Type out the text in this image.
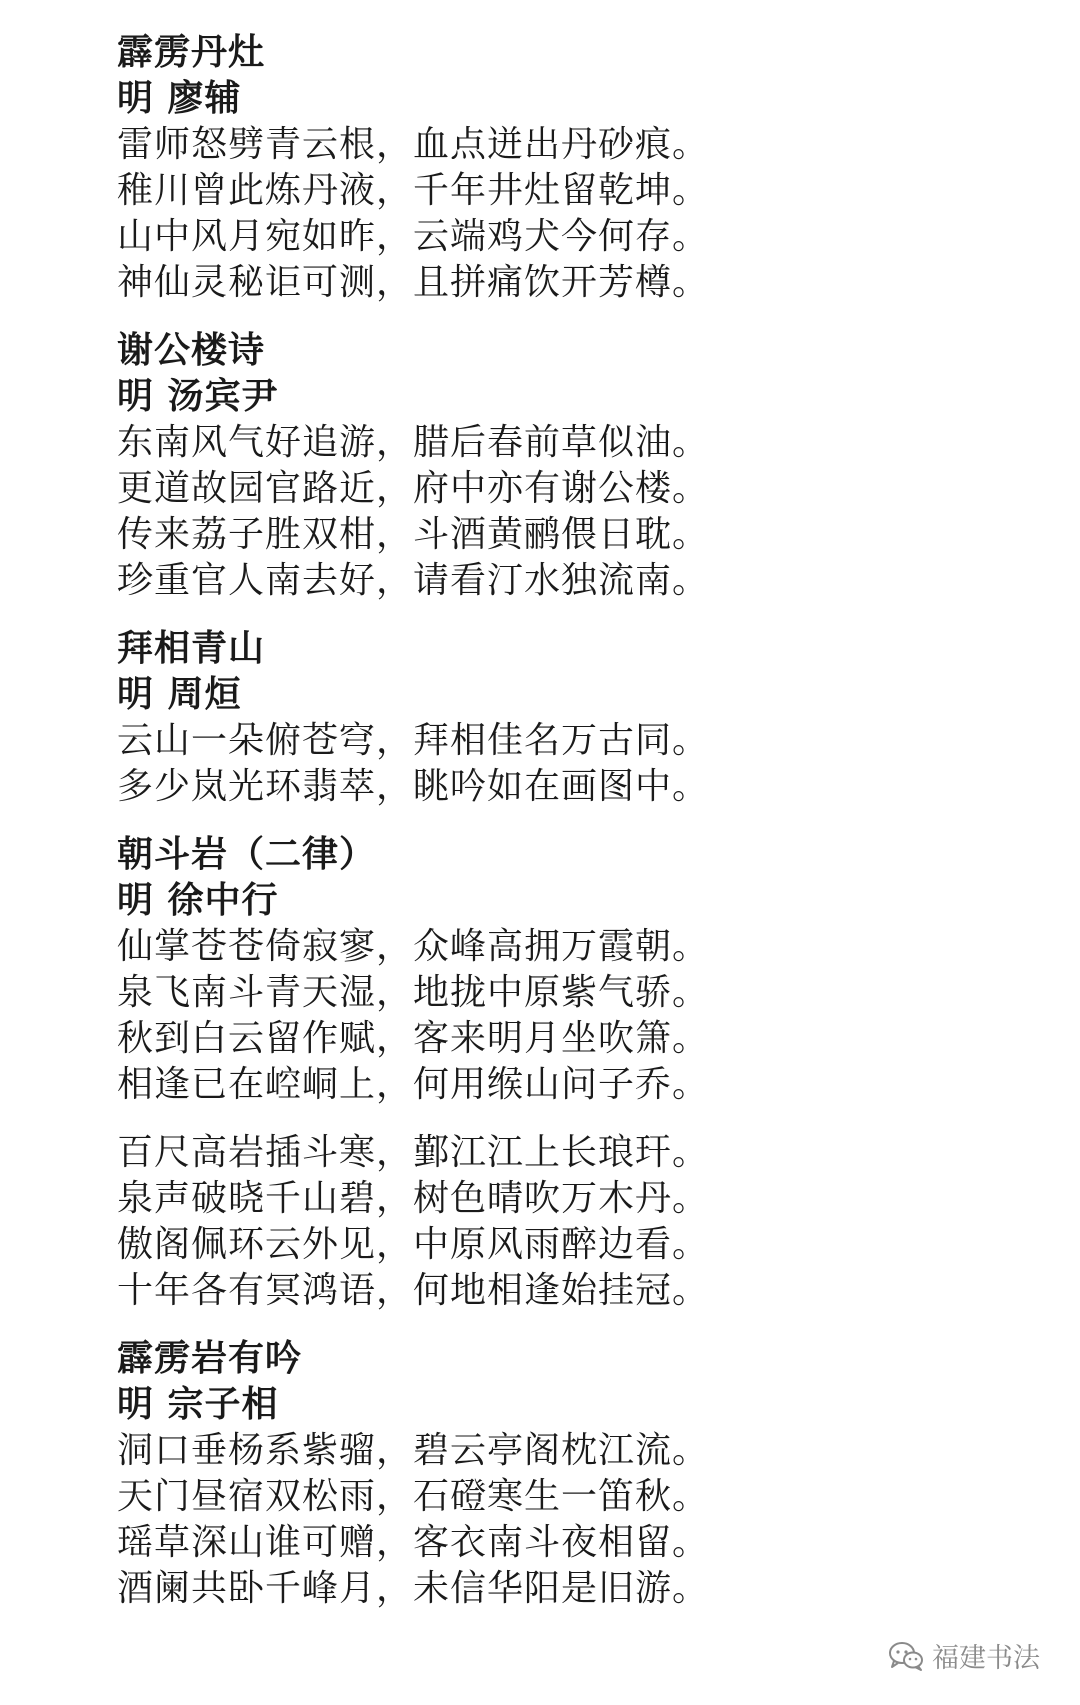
霹雳丹灶
明 廖辅
雷师怒劈青云根，血点迸出丹砂痕。
稚川曾此炼丹液，千年井灶留乾坤。
山中风月宛如昨，云端鸡犬今何存。
神仙灵秘讵可测，且拼痛饮开芳樽。
谢公楼诗
明 汤宾尹
东南风气好追游，腊后春前草似油。
更道故园官路近，府中亦有谢公楼。
传来荔子胜双柑，斗酒黄鹂偎日耽。
珍重官人南去好，请看汀水独流南。
拜相青山
明 周烜
云山一朵俯苍穹，拜相佳名万古同。
多少岚光环翡萃，眺吟如在画图中。
朝斗岩（二律）
明 徐中行
仙掌苍苍倚寂寥，众峰高拥万霞朝。
泉飞南斗青天湿，地拢中原紫气骄。
秋到白云留作赋，客来明月坐吹箫。
相逢已在崆峒上，何用缑山问子乔。
百尺高岩插斗寒，鄞江江上长琅玕。
泉声破晓千山碧，树色晴吹万木丹。
傲阁佩环云外见，中原风雨醉边看。
十年各有冥鸿语，何地相逢始挂冠。
霹雳岩有吟
明 宗子相
洞口垂杨系紫骝，碧云亭阁枕江流。
天门昼宿双松雨，石磴寒生一笛秋。
瑶草深山谁可赠，客衣南斗夜相留。
酒阑共卧千峰月，未信华阳是旧游。
福建书法
